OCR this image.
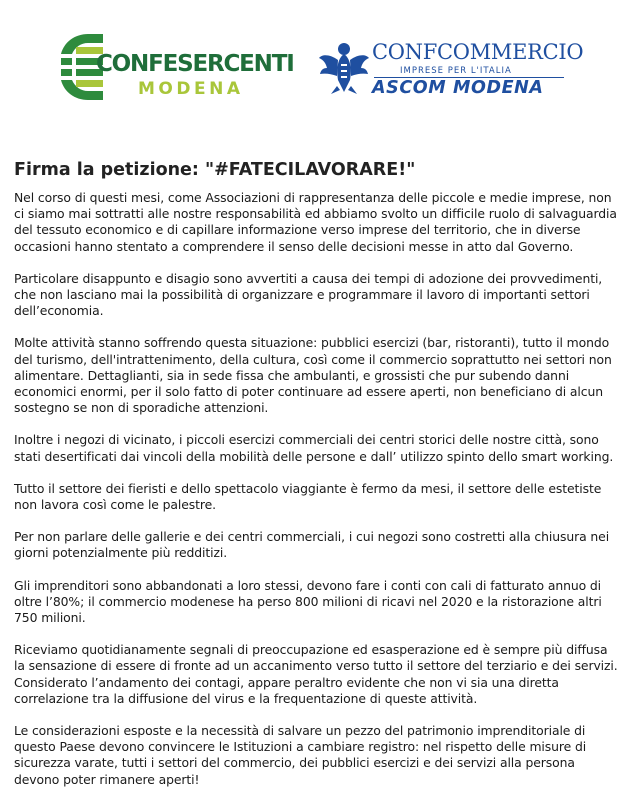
CONFESERCENTI
MODENA
CONFCOMMERCIO
IMPRESE PER L'ITALIA
ASCOM MODENA
Firma la petizione: "#FATECILAVORARE!"

Nel corso di questi mesi, come Associazioni di rappresentanza delle piccole e medie imprese, non ci siamo mai sottratti alle nostre responsabilità ed abbiamo svolto un difficile ruolo di salvaguardia del tessuto economico e di capillare informazione verso imprese del territorio, che in diverse occasioni hanno stentato a comprendere il senso delle decisioni messe in atto dal Governo.

Particolare disappunto e disagio sono avvertiti a causa dei tempi di adozione dei provvedimenti, che non lasciano mai la possibilità di organizzare e programmare il lavoro di importanti settori dell’economia.

Molte attività stanno soffrendo questa situazione: pubblici esercizi (bar, ristoranti), tutto il mondo del turismo, dell'intrattenimento, della cultura, così come il commercio soprattutto nei settori non alimentare. Dettaglianti, sia in sede fissa che ambulanti, e grossisti che pur subendo danni economici enormi, per il solo fatto di poter continuare ad essere aperti, non beneficiano di alcun sostegno se non di sporadiche attenzioni.

Inoltre i negozi di vicinato, i piccoli esercizi commerciali dei centri storici delle nostre città, sono stati desertificati dai vincoli della mobilità delle persone e dall’ utilizzo spinto dello smart working.

Tutto il settore dei fieristi e dello spettacolo viaggiante è fermo da mesi, il settore delle estetiste non lavora così come le palestre.

Per non parlare delle gallerie e dei centri commerciali, i cui negozi sono costretti alla chiusura nei giorni potenzialmente più redditizi.

Gli imprenditori sono abbandonati a loro stessi, devono fare i conti con cali di fatturato annuo di oltre l’80%; il commercio modenese ha perso 800 milioni di ricavi nel 2020 e la ristorazione altri 750 milioni.

Riceviamo quotidianamente segnali di preoccupazione ed esasperazione ed è sempre più diffusa la sensazione di essere di fronte ad un accanimento verso tutto il settore del terziario e dei servizi. Considerato l’andamento dei contagi, appare peraltro evidente che non vi sia una diretta correlazione tra la diffusione del virus e la frequentazione di queste attività.

Le considerazioni esposte e la necessità di salvare un pezzo del patrimonio imprenditoriale di questo Paese devono convincere le Istituzioni a cambiare registro: nel rispetto delle misure di sicurezza varate, tutti i settori del commercio, dei pubblici esercizi e dei servizi alla persona devono poter rimanere aperti!
